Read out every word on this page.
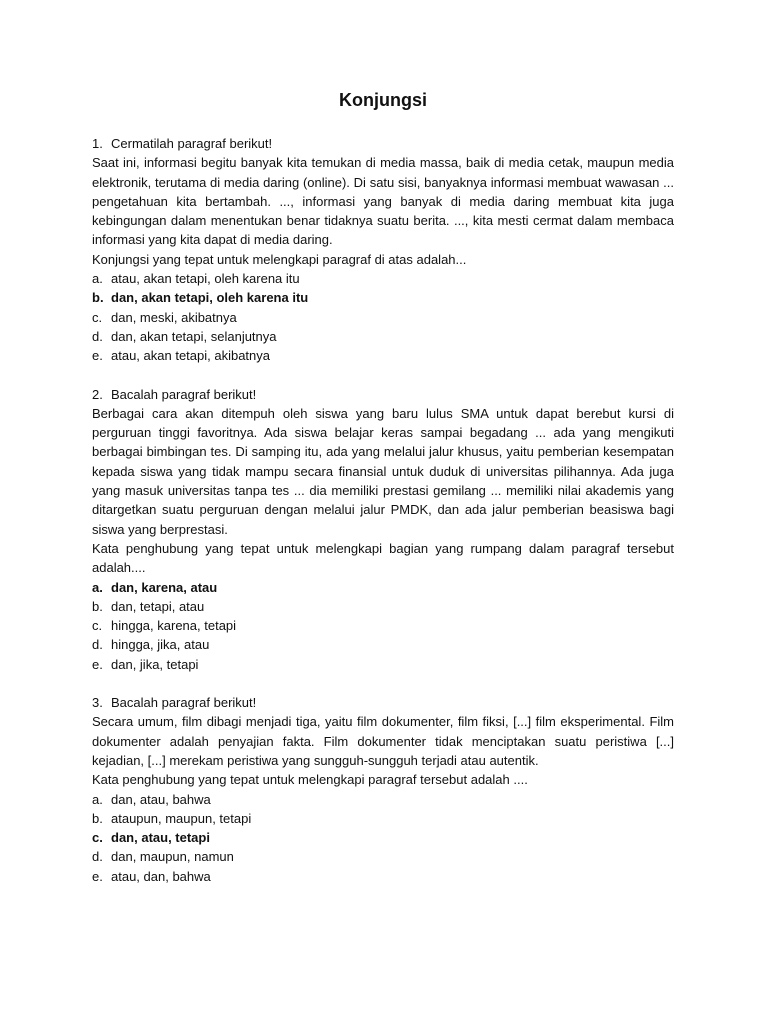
Konjungsi

1. Cermatilah paragraf berikut!

Saat ini, informasi begitu banyak kita temukan di media massa, baik di media cetak, maupun media elektronik, terutama di media daring (online). Di satu sisi, banyaknya informasi membuat wawasan ... pengetahuan kita bertambah. ..., informasi yang banyak di media daring membuat kita juga kebingungan dalam menentukan benar tidaknya suatu berita. ..., kita mesti cermat dalam membaca informasi yang kita dapat di media daring.

Konjungsi yang tepat untuk melengkapi paragraf di atas adalah...

a. atau, akan tetapi, oleh karena itu
b. dan, akan tetapi, oleh karena itu
c. dan, meski, akibatnya
d. dan, akan tetapi, selanjutnya
e. atau, akan tetapi, akibatnya

2. Bacalah paragraf berikut!

Berbagai cara akan ditempuh oleh siswa yang baru lulus SMA untuk dapat berebut kursi di perguruan tinggi favoritnya. Ada siswa belajar keras sampai begadang ... ada yang mengikuti berbagai bimbingan tes. Di samping itu, ada yang melalui jalur khusus, yaitu pemberian kesempatan kepada siswa yang tidak mampu secara finansial untuk duduk di universitas pilihannya. Ada juga yang masuk universitas tanpa tes ... dia memiliki prestasi gemilang ... memiliki nilai akademis yang ditargetkan suatu perguruan dengan melalui jalur PMDK, dan ada jalur pemberian beasiswa bagi siswa yang berprestasi.

Kata penghubung yang tepat untuk melengkapi bagian yang rumpang dalam paragraf tersebut adalah....

a. dan, karena, atau
b. dan, tetapi, atau
c. hingga, karena, tetapi
d. hingga, jika, atau
e. dan, jika, tetapi

3. Bacalah paragraf berikut!

Secara umum, film dibagi menjadi tiga, yaitu film dokumenter, film fiksi, [...] film eksperimental. Film dokumenter adalah penyajian fakta. Film dokumenter tidak menciptakan suatu peristiwa [...] kejadian, [...] merekam peristiwa yang sungguh-sungguh terjadi atau autentik.

Kata penghubung yang tepat untuk melengkapi paragraf tersebut adalah ....

a. dan, atau, bahwa
b. ataupun, maupun, tetapi
c. dan, atau, tetapi
d. dan, maupun, namun
e. atau, dan, bahwa
